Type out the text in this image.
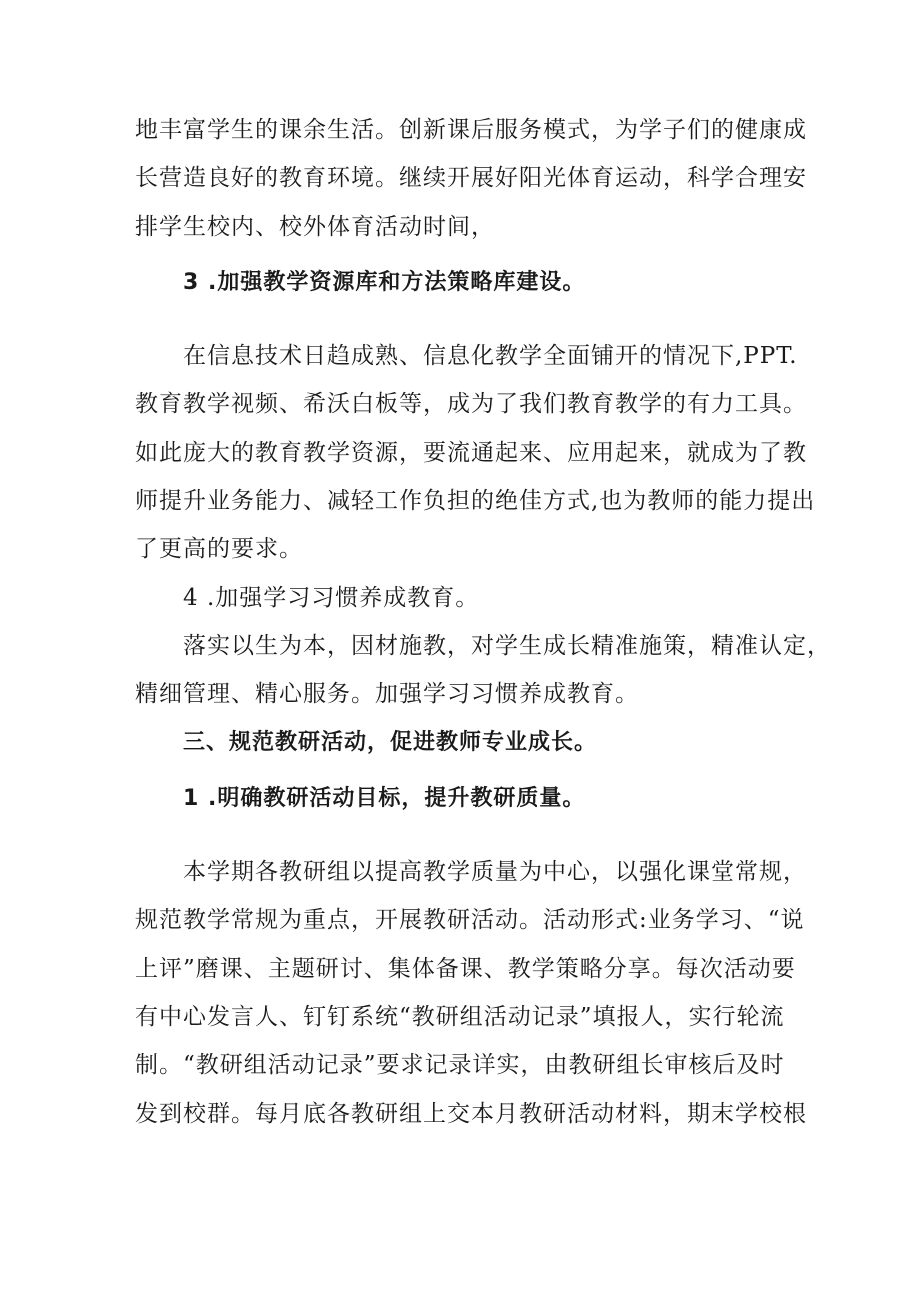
地丰富学生的课余生活。创新课后服务模式，为学子们的健康成

长营造良好的教育环境。继续开展好阳光体育运动，科学合理安

排学生校内、校外体育活动时间，

3 .加强教学资源库和方法策略库建设。

在信息技术日趋成熟、信息化教学全面铺开的情况下,PPT.

教育教学视频、希沃白板等，成为了我们教育教学的有力工具。

如此庞大的教育教学资源，要流通起来、应用起来，就成为了教

师提升业务能力、减轻工作负担的绝佳方式,也为教师的能力提出

了更高的要求。

4 .加强学习习惯养成教育。

落实以生为本，因材施教，对学生成长精准施策，精准认定，

精细管理、精心服务。加强学习习惯养成教育。

三、规范教研活动，促进教师专业成长。

1 .明确教研活动目标，提升教研质量。

本学期各教研组以提高教学质量为中心，以强化课堂常规，

规范教学常规为重点，开展教研活动。活动形式:业务学习、“说

上评”磨课、主题研讨、集体备课、教学策略分享。每次活动要

有中心发言人、钉钉系统“教研组活动记录”填报人，实行轮流

制。“教研组活动记录”要求记录详实，由教研组长审核后及时

发到校群。每月底各教研组上交本月教研活动材料，期末学校根
